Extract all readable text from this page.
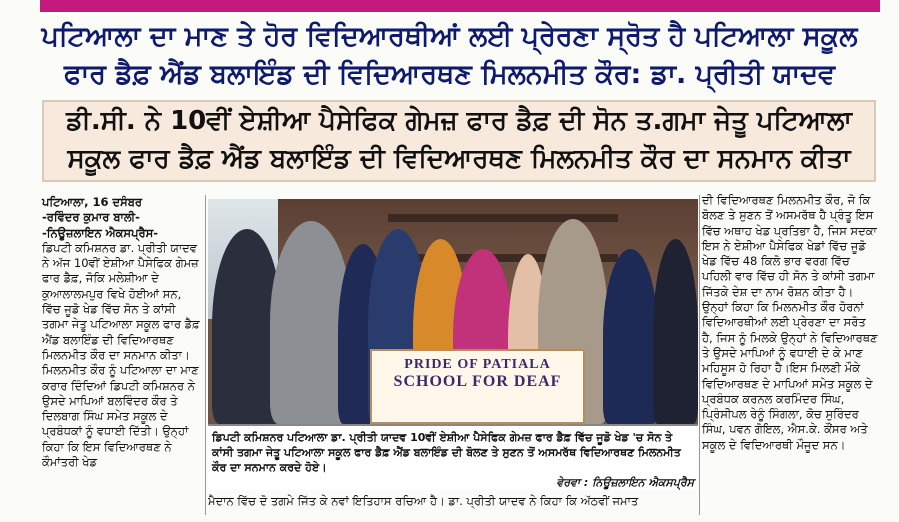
ਪਟਿਆਲਾ ਦਾ ਮਾਣ ਤੇ ਹੋਰ ਵਿਦਿਆਰਥੀਆਂ ਲਈ ਪ੍ਰੇਰਣਾ ਸ੍ਰੋਤ ਹੈ ਪਟਿਆਲਾ ਸਕੂਲ
ਫਾਰ ਡੈਫ਼ ਐਂਡ ਬਲਾਇੰਡ ਦੀ ਵਿਦਿਆਰਥਣ ਮਿਲਨਮੀਤ ਕੌਰ: ਡਾ. ਪ੍ਰੀਤੀ ਯਾਦਵ
ਡੀ.ਸੀ. ਨੇ 10ਵੀਂ ਏਸ਼ੀਆ ਪੈਸੇਫਿਕ ਗੇਮਜ਼ ਫਾਰ ਡੈਫ਼ ਦੀ ਸੋਨ ਤ.ਗਮਾ ਜੇਤੂ ਪਟਿਆਲਾ
ਸਕੂਲ ਫਾਰ ਡੈਫ਼ ਐਂਡ ਬਲਾਇੰਡ ਦੀ ਵਿਦਿਆਰਥਣ ਮਿਲਨਮੀਤ ਕੌਰ ਦਾ ਸਨਮਾਨ ਕੀਤਾ

ਪਟਿਆਲਾ, 16 ਦਸੰਬਰ

-ਰਵਿੰਦਰ ਕੁਮਾਰ ਬਾਲੀ-

-ਨਿਊਜ਼ਲਾਇਨ ਐਕਸਪ੍ਰੈਸ-

ਡਿਪਟੀ ਕਮਿਸ਼ਨਰ ਡਾ. ਪ੍ਰੀਤੀ ਯਾਦਵ ਨੇ ਅੱਜ 10ਵੀਂ ਏਸ਼ੀਆ ਪੈਸੇਫਿਕ ਗੇਮਜ਼ ਫਾਰ ਡੈਫ਼, ਜੋਕਿ ਮਲੇਸ਼ੀਆ ਦੇ ਕੁਆਲਾਲਮਪੁਰ ਵਿਖੇ ਹੋਈਆਂ ਸਨ, ਵਿੱਚ ਜੂਡੋ ਖੇਡ ਵਿੱਚ ਸੋਨ ਤੇ ਕਾਂਸੀ ਤਗਮਾ ਜੇਤੂ ਪਟਿਆਲਾ ਸਕੂਲ ਫਾਰ ਡੈਫ਼ ਐਂਡ ਬਲਾਇੰਡ ਦੀ ਵਿਦਿਆਰਥਣ ਮਿਲਨਮੀਤ ਕੌਰ ਦਾ ਸਨਮਾਨ ਕੀਤਾ।

ਮਿਲਨਮੀਤ ਕੌਰ ਨੂੰ ਪਟਿਆਲਾ ਦਾ ਮਾਣ ਕਰਾਰ ਦਿੰਦਿਆਂ ਡਿਪਟੀ ਕਮਿਸ਼ਨਰ ਨੇ ਉਸਦੇ ਮਾਪਿਆਂ ਬਲਵਿੰਦਰ ਕੌਰ ਤੇ ਦਿਲਬਾਗ ਸਿੰਘ ਸਮੇਤ ਸਕੂਲ ਦੇ ਪ੍ਰਬੰਧਕਾਂ ਨੂੰ ਵਧਾਈ ਦਿੱਤੀ। ਉਨ੍ਹਾਂ ਕਿਹਾ ਕਿ ਇਸ ਵਿਦਿਆਰਥਣ ਨੇ ਕੌਮਾਂਤਰੀ ਖੇਡ

ਦੀ ਵਿਦਿਆਰਥਣ ਮਿਲਨਮੀਤ ਕੌਰ, ਜੋ ਕਿ ਬੋਲਣ ਤੇ ਸੁਣਨ ਤੋਂ ਅਸਮਰੱਥ ਹੈ ਪ੍ਰੰਤੂ ਇਸ ਵਿੱਚ ਅਥਾਹ ਖੇਡ ਪ੍ਰਤਿਭਾ ਹੈ, ਜਿਸ ਸਦਕਾ ਇਸ ਨੇ ਏਸ਼ੀਆ ਪੈਸੇਫਿਕ ਖੇਡਾਂ ਵਿੱਚ ਜੂਡੋ ਖੇਡ ਵਿੱਚ 48 ਕਿਲੋ ਭਾਰ ਵਰਗ ਵਿੱਚ ਪਹਿਲੀ ਵਾਰ ਵਿੱਚ ਹੀ ਸੋਨ ਤੇ ਕਾਂਸੀ ਤਗਮਾ ਜਿੱਤਕੇ ਦੇਸ਼ ਦਾ ਨਾਮ ਰੋਸ਼ਨ ਕੀਤਾ ਹੈ। ਉਨ੍ਹਾਂ ਕਿਹਾ ਕਿ ਮਿਲਨਮੀਤ ਕੌਰ ਹੋਰਨਾਂ ਵਿਦਿਆਰਥੀਆਂ ਲਈ ਪ੍ਰੇਰਣਾ ਦਾ ਸਰੋਤ ਹੈ, ਜਿਸ ਨੂੰ ਮਿਲਕੇ ਉਨ੍ਹਾਂ ਨੇ ਵਿਦਿਆਰਥਣ ਤੇ ਉਸਦੇ ਮਾਪਿਆਂ ਨੂੰ ਵਧਾਈ ਦੇ ਕੇ ਮਾਣ ਮਹਿਸੂਸ ਹੋ ਰਿਹਾ ਹੈ।ਇਸ ਮਿਲਣੀ ਮੌਕੇ ਵਿਦਿਆਰਥਣ ਦੇ ਮਾਪਿਆਂ ਸਮੇਤ ਸਕੂਲ ਦੇ ਪ੍ਰਬੰਧਕ ਕਰਨਲ ਕਰਮਿੰਦਰ ਸਿੰਘ, ਪ੍ਰਿੰਸੀਪਲ ਰੇਨੂੰ ਸਿੰਗਲਾ, ਕੋਚ ਸੁਰਿੰਦਰ ਸਿੰਘ, ਪਵਨ ਗੋਇਲ, ਐਸ.ਕੇ. ਕੌਂਸਰ ਅਤੇ ਸਕੂਲ ਦੇ ਵਿਦਿਆਰਥੀ ਮੌਜੂਦ ਸਨ।

PRIDE OF PATIALA
SCHOOL FOR DEAF
ਡਿਪਟੀ ਕਮਿਸ਼ਨਰ ਪਟਿਆਲਾ ਡਾ. ਪ੍ਰੀਤੀ ਯਾਦਵ 10ਵੀਂ ਏਸ਼ੀਆ ਪੈਸੇਫਿਕ ਗੇਮਜ਼ ਫਾਰ ਡੈਫ਼ ਵਿੱਚ ਜੂਡੋ ਖੇਡ 'ਚ ਸੋਨ ਤੇ ਕਾਂਸੀ ਤਗਮਾ ਜੇਤੂ ਪਟਿਆਲਾ ਸਕੂਲ ਫਾਰ ਡੈਫ਼ ਐਂਡ ਬਲਾਇੰਡ ਦੀ ਬੋਲਣ ਤੇ ਸੁਣਨ ਤੋਂ ਅਸਮਰੱਥ ਵਿਦਿਆਰਥਣ ਮਿਲਨਮੀਤ ਕੌਰ ਦਾ ਸਨਮਾਨ ਕਰਦੇ ਹੋਏ।
ਵੇਰਵਾ : ਨਿਊਜ਼ਲਾਇਨ ਐਕਸਪ੍ਰੈਸ
ਮੈਦਾਨ ਵਿੱਚ ਦੋ ਤਗਮੇ ਜਿੱਤ ਕੇ ਨਵਾਂ ਇਤਿਹਾਸ ਰਚਿਆ ਹੈ। ਡਾ. ਪ੍ਰੀਤੀ ਯਾਦਵ ਨੇ ਕਿਹਾ ਕਿ ਅੱਠਵੀਂ ਜਮਾਤ
